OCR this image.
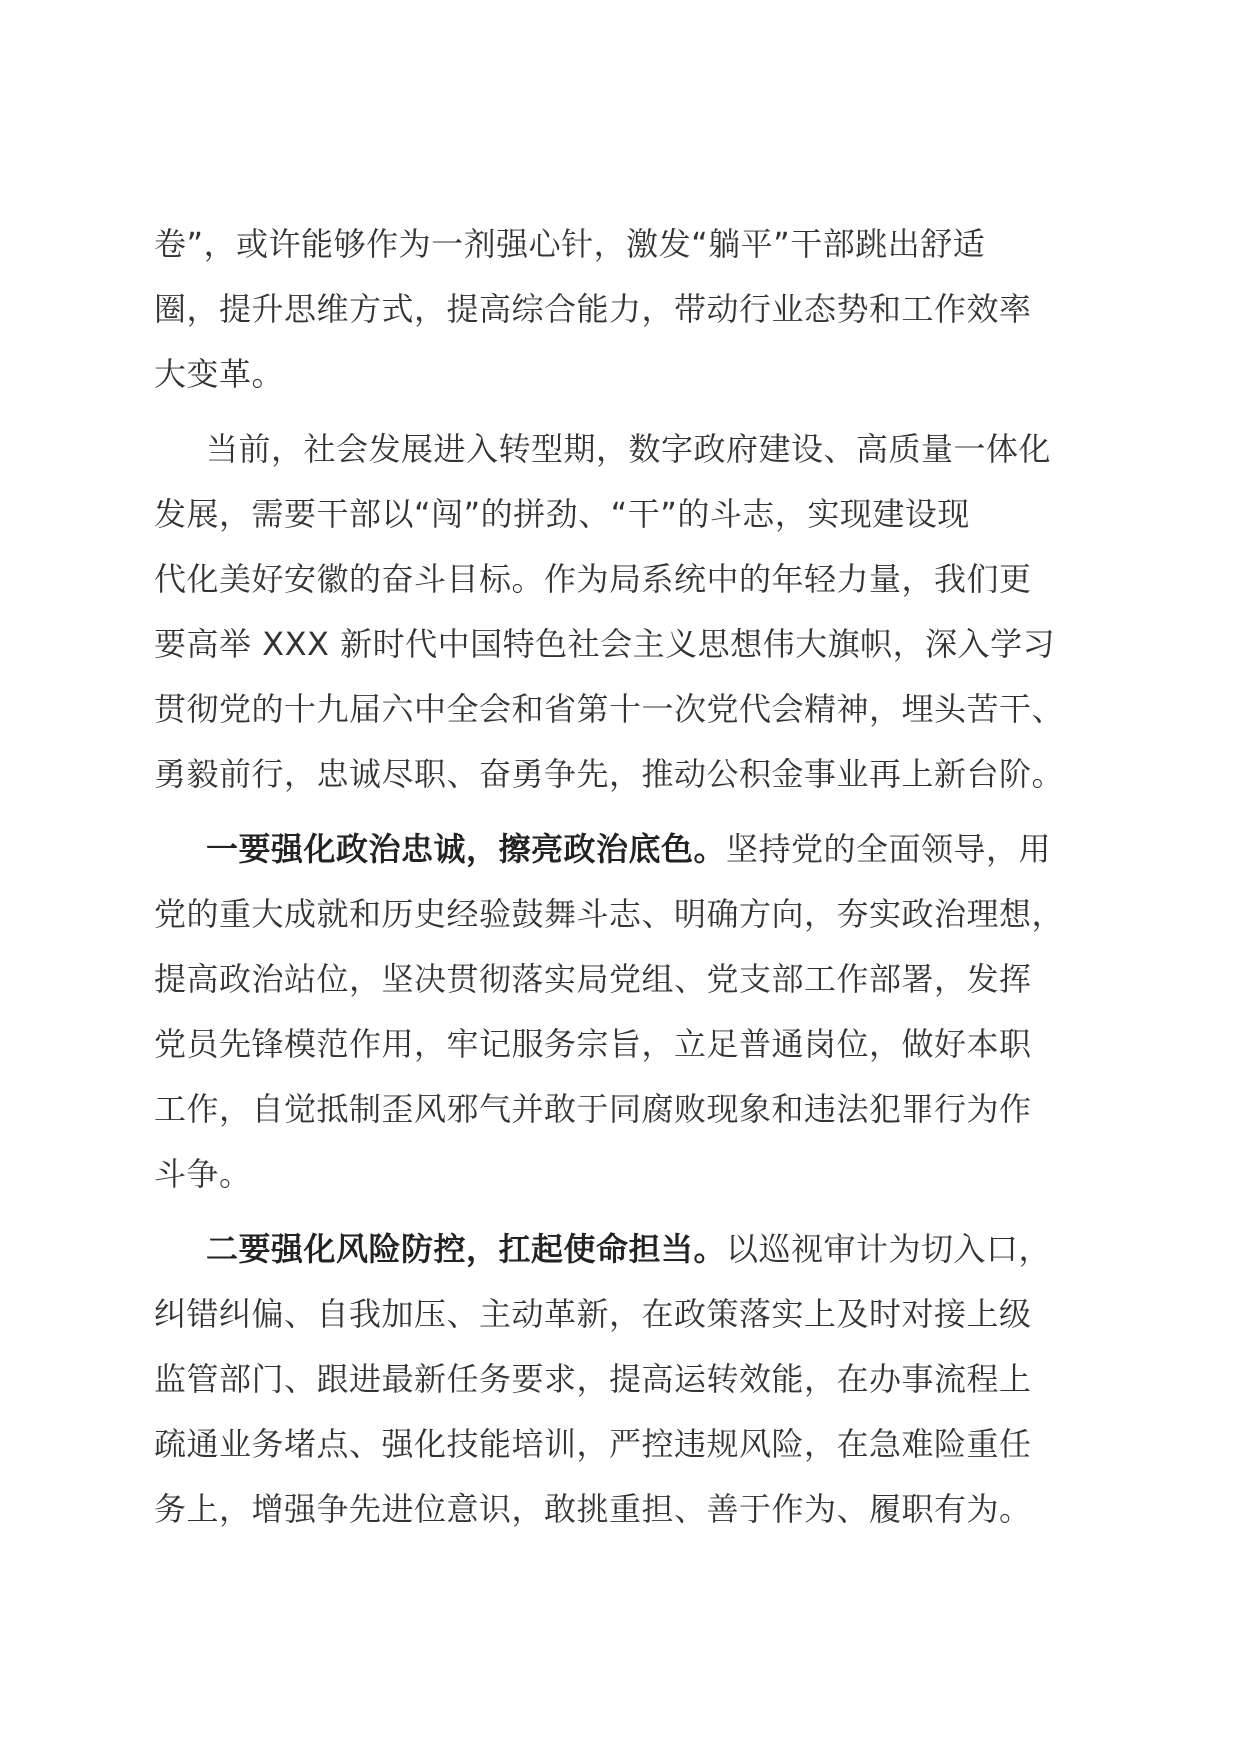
卷”，或许能够作为一剂强心针，激发“躺平”干部跳出舒适
圈，提升思维方式，提高综合能力，带动行业态势和工作效率
大变革。

当前，社会发展进入转型期，数字政府建设、高质量一体化
发展，需要干部以“闯”的拼劲、“干”的斗志，实现建设现
代化美好安徽的奋斗目标。作为局系统中的年轻力量，我们更
要高举 XXX 新时代中国特色社会主义思想伟大旗帜，深入学习
贯彻党的十九届六中全会和省第十一次党代会精神，埋头苦干、
勇毅前行，忠诚尽职、奋勇争先，推动公积金事业再上新台阶。

一要强化政治忠诚，擦亮政治底色。坚持党的全面领导，用
党的重大成就和历史经验鼓舞斗志、明确方向，夯实政治理想，
提高政治站位，坚决贯彻落实局党组、党支部工作部署，发挥
党员先锋模范作用，牢记服务宗旨，立足普通岗位，做好本职
工作，自觉抵制歪风邪气并敢于同腐败现象和违法犯罪行为作
斗争。

二要强化风险防控，扛起使命担当。以巡视审计为切入口，
纠错纠偏、自我加压、主动革新，在政策落实上及时对接上级
监管部门、跟进最新任务要求，提高运转效能，在办事流程上
疏通业务堵点、强化技能培训，严控违规风险，在急难险重任
务上，增强争先进位意识，敢挑重担、善于作为、履职有为。
